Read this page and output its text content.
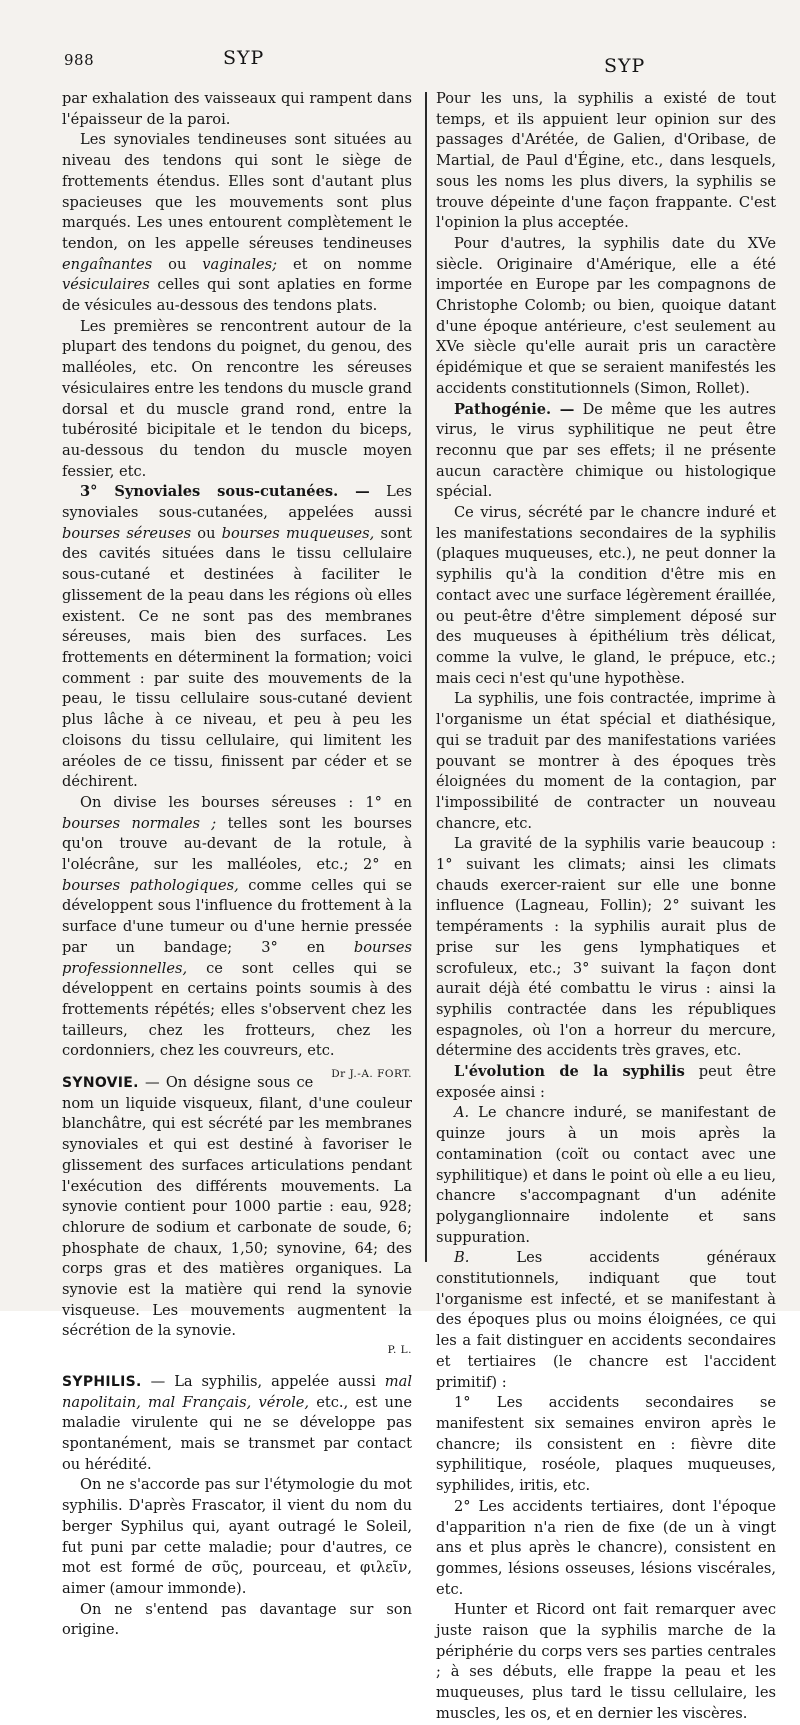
988	SYP	SYP

par exhalation des vaisseaux qui rampent dans l'épaisseur de la paroi.

Les synoviales tendineuses sont situées au niveau des tendons qui sont le siège de frottements étendus. Elles sont d'autant plus spacieuses que les mouvements sont plus marqués. Les unes entourent complètement le tendon, on les appelle séreuses tendineuses engaînantes ou vaginales; et on nomme vésiculaires celles qui sont aplaties en forme de vésicules au-dessous des tendons plats.

Les premières se rencontrent autour de la plupart des tendons du poignet, du genou, des malléoles, etc. On rencontre les séreuses vésiculaires entre les tendons du muscle grand dorsal et du muscle grand rond, entre la tubérosité bicipitale et le tendon du biceps, au-dessous du tendon du muscle moyen fessier, etc.

3° Synoviales sous-cutanées. — Les synoviales sous-cutanées, appelées aussi bourses séreuses ou bourses muqueuses, sont des cavités situées dans le tissu cellulaire sous-cutané et destinées à faciliter le glissement de la peau dans les régions où elles existent. Ce ne sont pas des membranes séreuses, mais bien des surfaces. Les frottements en déterminent la formation; voici comment : par suite des mouvements de la peau, le tissu cellulaire sous-cutané devient plus lâche à ce niveau, et peu à peu les cloisons du tissu cellulaire, qui limitent les aréoles de ce tissu, finissent par céder et se déchirent.

On divise les bourses séreuses : 1° en bourses normales ; telles sont les bourses qu'on trouve au-devant de la rotule, à l'olécrâne, sur les malléoles, etc.; 2° en bourses pathologiques, comme celles qui se développent sous l'influence du frottement à la surface d'une tumeur ou d'une hernie pressée par un bandage; 3° en bourses professionnelles, ce sont celles qui se développent en certains points soumis à des frottements répétés; elles s'observent chez les tailleurs, chez les frotteurs, chez les cordonniers, chez les couvreurs, etc.
Dr J.-A. FORT.

SYNOVIE. — On désigne sous ce nom un liquide visqueux, filant, d'une couleur blanchâtre, qui est sécrété par les membranes synoviales et qui est destiné à favoriser le glissement des surfaces articulations pendant l'exécution des différents mouvements. La synovie contient pour 1000 partie : eau, 928; chlorure de sodium et carbonate de soude, 6; phosphate de chaux, 1,50; synovine, 64; des corps gras et des matières organiques. La synovie est la matière qui rend la synovie visqueuse. Les mouvements augmentent la sécrétion de la synovie.

P. L.

SYPHILIS. — La syphilis, appelée aussi mal napolitain, mal Français, vérole, etc., est une maladie virulente qui ne se développe pas spontanément, mais se transmet par contact ou hérédité.

On ne s'accorde pas sur l'étymologie du mot syphilis. D'après Frascator, il vient du nom du berger Syphilus qui, ayant outragé le Soleil, fut puni par cette maladie; pour d'autres, ce mot est formé de σῦς, pourceau, et φιλεῖν, aimer (amour immonde).

On ne s'entend pas davantage sur son origine.

Pour les uns, la syphilis a existé de tout temps, et ils appuient leur opinion sur des passages d'Arétée, de Galien, d'Oribase, de Martial, de Paul d'Égine, etc., dans lesquels, sous les noms les plus divers, la syphilis se trouve dépeinte d'une façon frappante. C'est l'opinion la plus acceptée.

Pour d'autres, la syphilis date du XVe siècle. Originaire d'Amérique, elle a été importée en Europe par les compagnons de Christophe Colomb; ou bien, quoique datant d'une époque antérieure, c'est seulement au XVe siècle qu'elle aurait pris un caractère épidémique et que se seraient manifestés les accidents constitutionnels (Simon, Rollet).

Pathogénie. — De même que les autres virus, le virus syphilitique ne peut être reconnu que par ses effets; il ne présente aucun caractère chimique ou histologique spécial.

Ce virus, sécrété par le chancre induré et les manifestations secondaires de la syphilis (plaques muqueuses, etc.), ne peut donner la syphilis qu'à la condition d'être mis en contact avec une surface légèrement éraillée, ou peut-être d'être simplement déposé sur des muqueuses à épithélium très délicat, comme la vulve, le gland, le prépuce, etc.; mais ceci n'est qu'une hypothèse.

La syphilis, une fois contractée, imprime à l'organisme un état spécial et diathésique, qui se traduit par des manifestations variées pouvant se montrer à des époques très éloignées du moment de la contagion, par l'impossibilité de contracter un nouveau chancre, etc.

La gravité de la syphilis varie beaucoup : 1° suivant les climats; ainsi les climats chauds exercer-raient sur elle une bonne influence (Lagneau, Follin); 2° suivant les tempéraments : la syphilis aurait plus de prise sur les gens lymphatiques et scrofuleux, etc.; 3° suivant la façon dont aurait déjà été combattu le virus : ainsi la syphilis contractée dans les républiques espagnoles, où l'on a horreur du mercure, détermine des accidents très graves, etc.

L'évolution de la syphilis peut être exposée ainsi :

A. Le chancre induré, se manifestant de quinze jours à un mois après la contamination (coït ou contact avec une syphilitique) et dans le point où elle a eu lieu, chancre s'accompagnant d'un adénite polyganglionnaire indolente et sans suppuration.

B.	Les accidents généraux constitutionnels, indiquant que tout l'organisme est infecté, et se manifestant à des époques plus ou moins éloignées, ce qui les a fait distinguer en accidents secondaires et tertiaires (le chancre est l'accident primitif) :

1° Les accidents secondaires se manifestent six semaines environ après le chancre; ils consistent en : fièvre dite syphilitique, roséole, plaques muqueuses, syphilides, iritis, etc.

2° Les accidents tertiaires, dont l'époque d'apparition n'a rien de fixe (de un à vingt ans et plus après le chancre), consistent en gommes, lésions osseuses, lésions viscérales, etc.

Hunter et Ricord ont fait remarquer avec juste raison que la syphilis marche de la périphérie du corps vers ses parties centrales ; à ses débuts, elle frappe la peau et les muqueuses, plus tard le tissu cellulaire, les muscles, les os, et en dernier les viscères.
